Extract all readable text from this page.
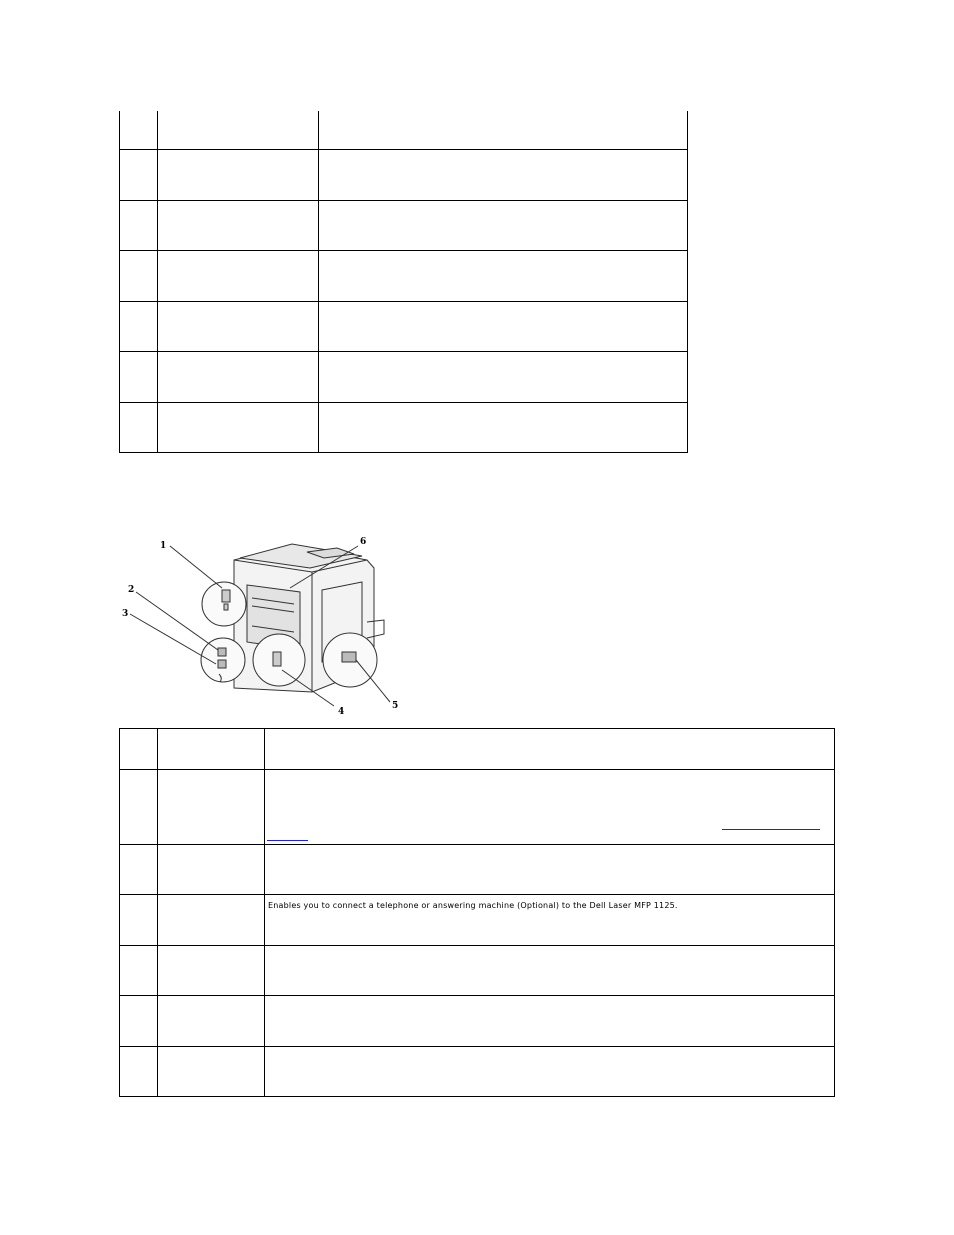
1
2
3
4
5
6

		Enables you to connect a telephone or answering machine (Optional) to the Dell Laser MFP 1125.
